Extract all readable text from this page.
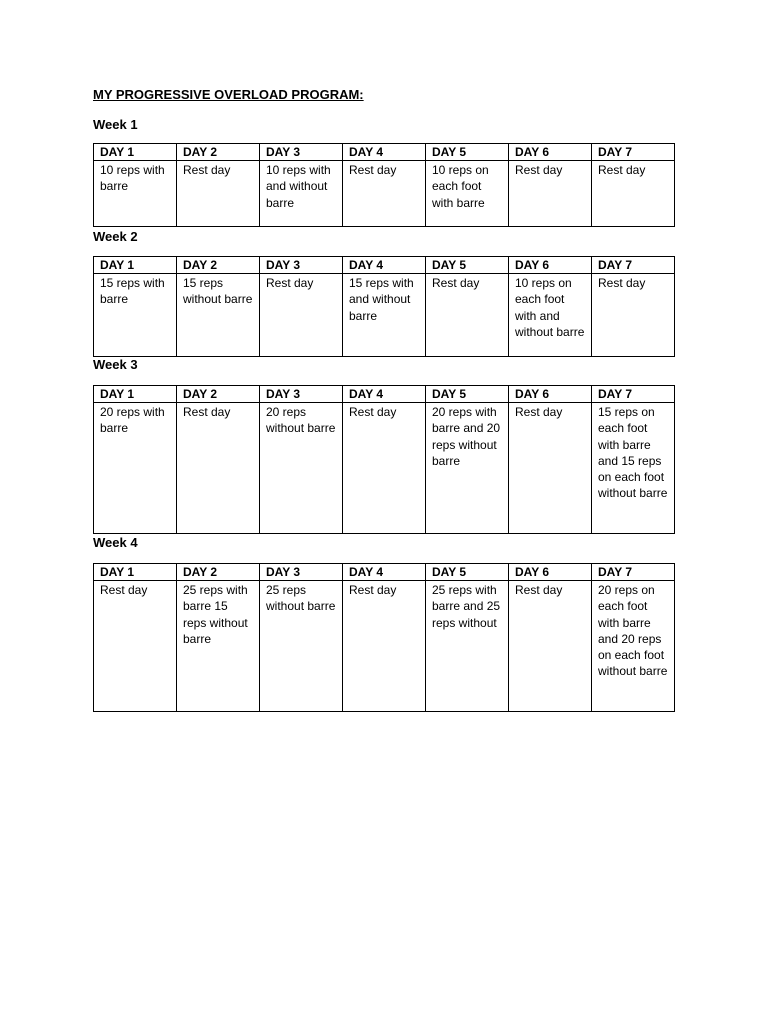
MY PROGRESSIVE OVERLOAD PROGRAM:
Week 1
DAY 1	DAY 2	DAY 3	DAY 4	DAY 5	DAY 6	DAY 7
10 reps with barre	Rest day	10 reps with and without barre	Rest day	10 reps on each foot with barre	Rest day	Rest day
Week 2
DAY 1	DAY 2	DAY 3	DAY 4	DAY 5	DAY 6	DAY 7
15 reps with barre	15 reps without barre	Rest day	15 reps with and without barre	Rest day	10 reps on each foot with and without barre	Rest day
Week 3
DAY 1	DAY 2	DAY 3	DAY 4	DAY 5	DAY 6	DAY 7
20 reps with barre	Rest day	20 reps without barre	Rest day	20 reps with barre and 20 reps without barre	Rest day	15 reps on each foot with barre and 15 reps on each foot without barre
Week 4
DAY 1	DAY 2	DAY 3	DAY 4	DAY 5	DAY 6	DAY 7
Rest day	25 reps with barre 15 reps without barre	25 reps without barre	Rest day	25 reps with barre and 25 reps without	Rest day	20 reps on each foot with barre and 20 reps on each foot without barre
